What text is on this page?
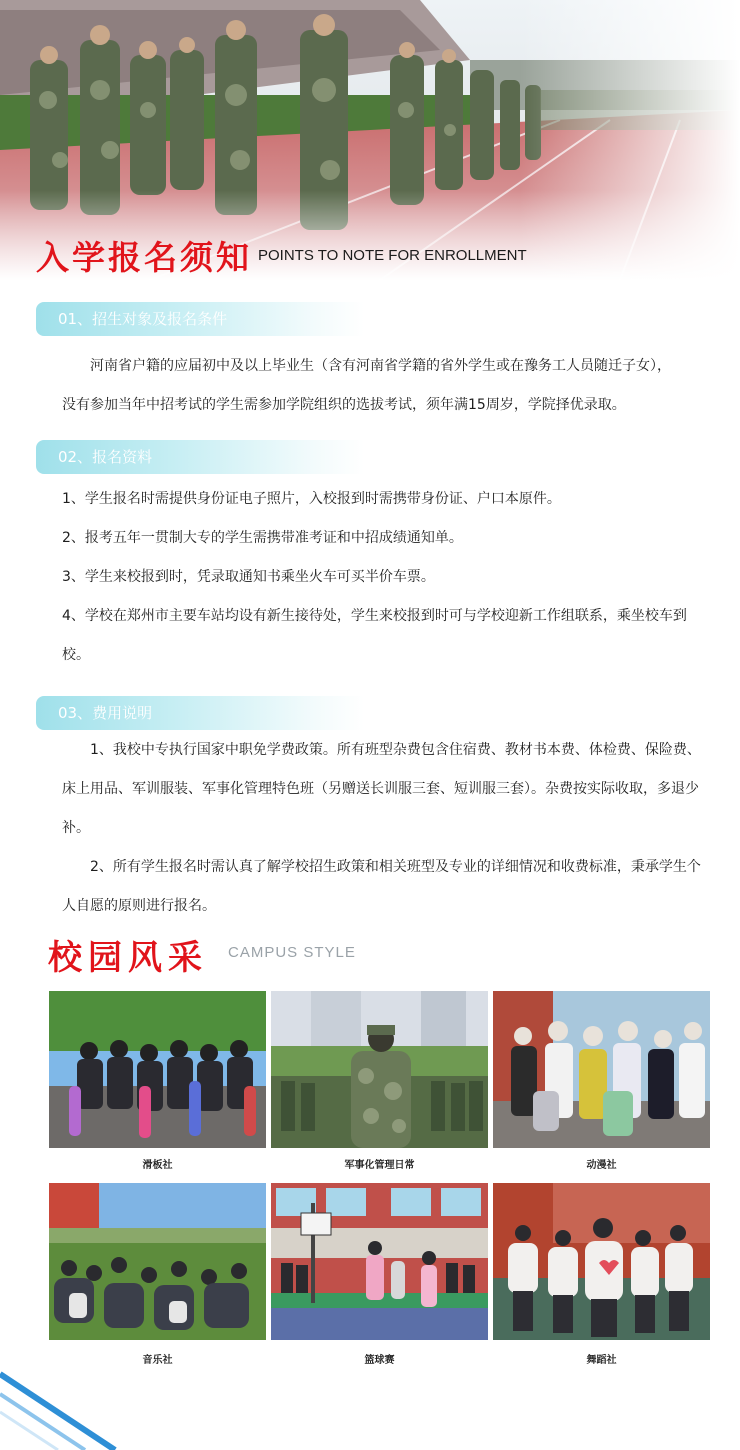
入学报名须知 POINTS TO NOTE FOR ENROLLMENT
01、招生对象及报名条件

河南省户籍的应届初中及以上毕业生（含有河南省学籍的省外学生或在豫务工人员随迁子女），

没有参加当年中招考试的学生需参加学院组织的选拔考试，须年满15周岁，学院择优录取。

02、报名资料

1、学生报名时需提供身份证电子照片，入校报到时需携带身份证、户口本原件。

2、报考五年一贯制大专的学生需携带准考证和中招成绩通知单。

3、学生来校报到时，凭录取通知书乘坐火车可买半价车票。

4、学校在郑州市主要车站均设有新生接待处，学生来校报到时可与学校迎新工作组联系，乘坐校车到校。

03、费用说明

1、我校中专执行国家中职免学费政策。所有班型杂费包含住宿费、教材书本费、体检费、保险费、床上用品、军训服装、军事化管理特色班（另赠送长训服三套、短训服三套）。杂费按实际收取，多退少补。

2、所有学生报名时需认真了解学校招生政策和相关班型及专业的详细情况和收费标准，秉承学生个人自愿的原则进行报名。

校园风采 CAMPUS STYLE
滑板社	军事化管理日常	动漫社
音乐社	篮球赛	舞蹈社
